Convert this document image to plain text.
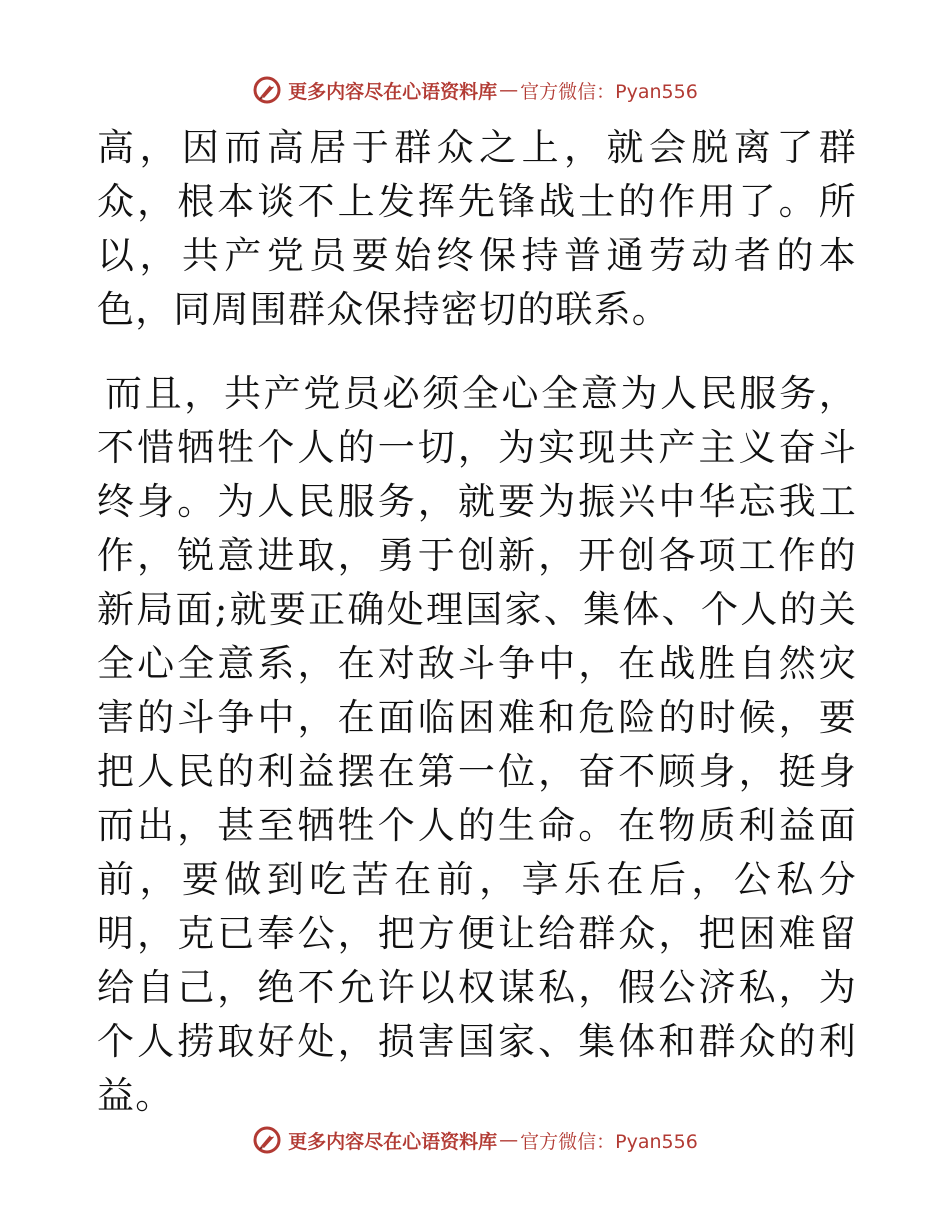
更多内容尽在心语资料库 — 官方微信：Pyan556

高，因而高居于群众之上，就会脱离了群众，根本谈不上发挥先锋战士的作用了。所以，共产党员要始终保持普通劳动者的本色，同周围群众保持密切的联系。

而且，共产党员必须全心全意为人民服务，不惜牺牲个人的一切，为实现共产主义奋斗终身。为人民服务，就要为振兴中华忘我工作，锐意进取，勇于创新，开创各项工作的新局面;就要正确处理国家、集体、个人的关全心全意系，在对敌斗争中，在战胜自然灾害的斗争中，在面临困难和危险的时候，要把人民的利益摆在第一位，奋不顾身，挺身而出，甚至牺牲个人的生命。在物质利益面前，要做到吃苦在前，享乐在后，公私分明，克已奉公，把方便让给群众，把困难留给自己，绝不允许以权谋私，假公济私，为个人捞取好处，损害国家、集体和群众的利益。

更多内容尽在心语资料库 — 官方微信：Pyan556
